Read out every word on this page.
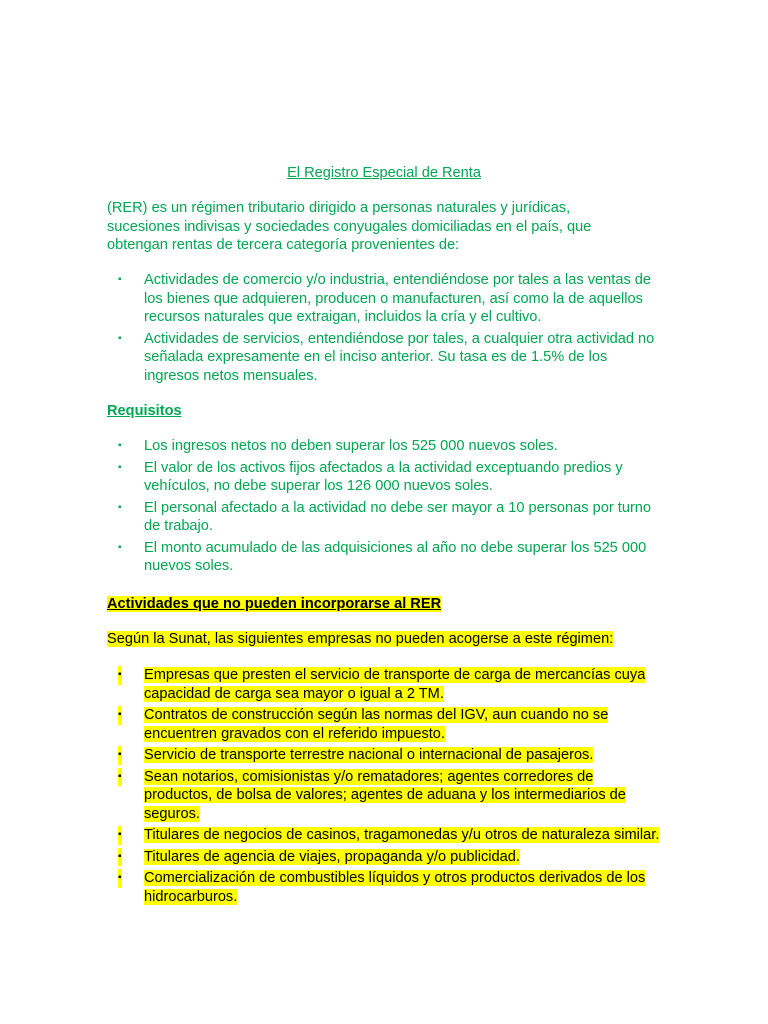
El Registro Especial de Renta

(RER) es un régimen tributario dirigido a personas naturales y jurídicas, sucesiones indivisas y sociedades conyugales domiciliadas en el país, que obtengan rentas de tercera categoría provenientes de:

▪ Actividades de comercio y/o industria, entendiéndose por tales a las ventas de los bienes que adquieren, producen o manufacturen, así como la de aquellos recursos naturales que extraigan, incluidos la cría y el cultivo.
▪ Actividades de servicios, entendiéndose por tales, a cualquier otra actividad no señalada expresamente en el inciso anterior. Su tasa es de 1.5% de los ingresos netos mensuales.
Requisitos
▪ Los ingresos netos no deben superar los 525 000 nuevos soles.
▪ El valor de los activos fijos afectados a la actividad exceptuando predios y vehículos, no debe superar los 126 000 nuevos soles.
▪ El personal afectado a la actividad no debe ser mayor a 10 personas por turno de trabajo.
▪ El monto acumulado de las adquisiciones al año no debe superar los 525 000 nuevos soles.
Actividades que no pueden incorporarse al RER

Según la Sunat, las siguientes empresas no pueden acogerse a este régimen:

▪ Empresas que presten el servicio de transporte de carga de mercancías cuya capacidad de carga sea mayor o igual a 2 TM.
▪ Contratos de construcción según las normas del IGV, aun cuando no se encuentren gravados con el referido impuesto.
▪ Servicio de transporte terrestre nacional o internacional de pasajeros.
▪ Sean notarios, comisionistas y/o rematadores; agentes corredores de productos, de bolsa de valores; agentes de aduana y los intermediarios de seguros.
▪ Titulares de negocios de casinos, tragamonedas y/u otros de naturaleza similar.
▪ Titulares de agencia de viajes, propaganda y/o publicidad.
▪ Comercialización de combustibles líquidos y otros productos derivados de los hidrocarburos.
